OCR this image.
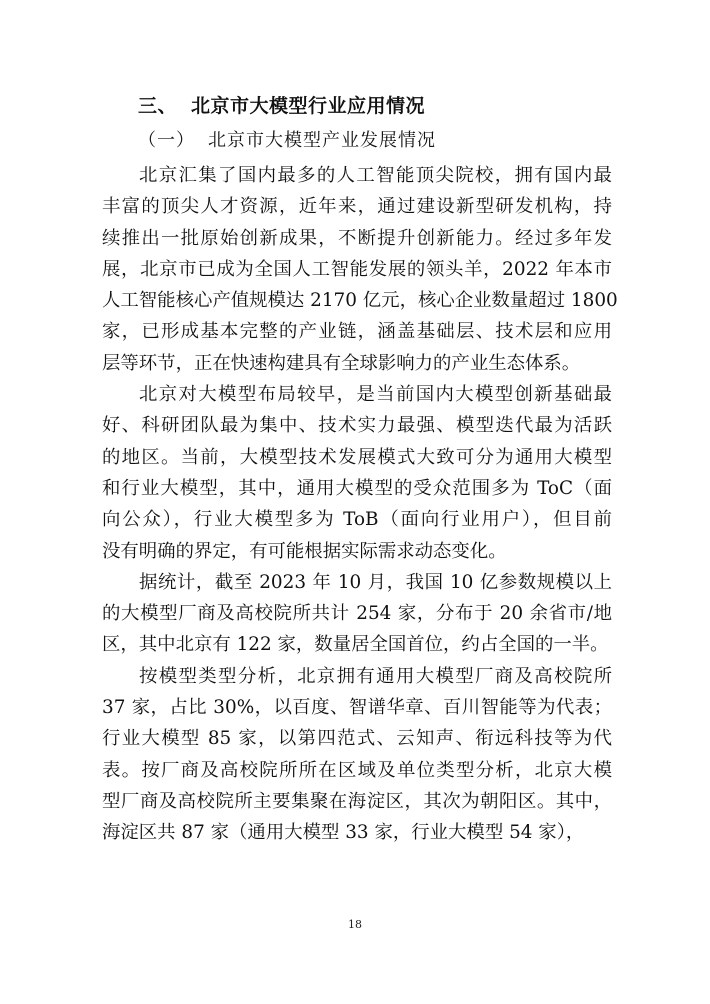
三、 北京市大模型行业应用情况
（一） 北京市大模型产业发展情况
北京汇集了国内最多的人工智能顶尖院校，拥有国内最
丰富的顶尖人才资源，近年来，通过建设新型研发机构，持
续推出一批原始创新成果，不断提升创新能力。经过多年发
展，北京市已成为全国人工智能发展的领头羊，2022 年本市
人工智能核心产值规模达 2170 亿元，核心企业数量超过 1800
家，已形成基本完整的产业链，涵盖基础层、技术层和应用
层等环节，正在快速构建具有全球影响力的产业生态体系。
北京对大模型布局较早，是当前国内大模型创新基础最
好、科研团队最为集中、技术实力最强、模型迭代最为活跃
的地区。当前，大模型技术发展模式大致可分为通用大模型
和行业大模型，其中，通用大模型的受众范围多为 ToC（面
向公众），行业大模型多为 ToB（面向行业用户），但目前
没有明确的界定，有可能根据实际需求动态变化。
据统计，截至 2023 年 10 月，我国 10 亿参数规模以上
的大模型厂商及高校院所共计 254 家，分布于 20 余省市/地
区，其中北京有 122 家，数量居全国首位，约占全国的一半。
按模型类型分析，北京拥有通用大模型厂商及高校院所
37 家，占比 30%，以百度、智谱华章、百川智能等为代表；
行业大模型 85 家，以第四范式、云知声、衔远科技等为代
表。按厂商及高校院所所在区域及单位类型分析，北京大模
型厂商及高校院所主要集聚在海淀区，其次为朝阳区。其中，
海淀区共 87 家（通用大模型 33 家，行业大模型 54 家），
18
